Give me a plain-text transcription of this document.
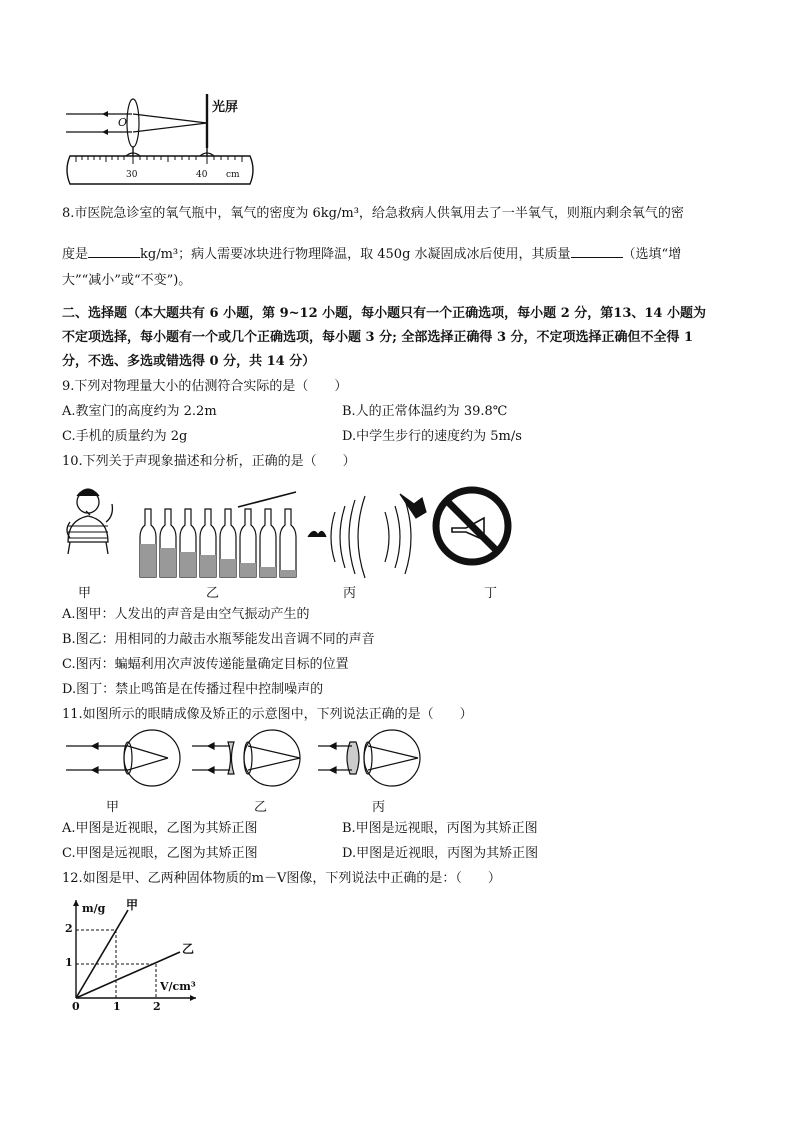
光屏
O
30	40 cm
8.市医院急诊室的氧气瓶中，氧气的密度为 6kg/m³，给急救病人供氧用去了一半氧气，则瓶内剩余氧气的密
度是	kg/m³；病人需要冰块进行物理降温，取 450g 水凝固成冰后使用，其质量	（选填“增
大”“减小”或“不变”)。
二、选择题（本大题共有 6 小题，第 9~12 小题，每小题只有一个正确选项，每小题 2 分，第13、14 小题为
不定项选择，每小题有一个或几个正确选项，每小题 3 分; 全部选择正确得 3 分，不定项选择正确但不全得 1
分，不选、多选或错选得 0 分，共 14 分）
9.下列对物理量大小的估测符合实际的是（　　）
A.教室门的高度约为 2.2m	B.人的正常体温约为 39.8℃
C.手机的质量约为 2g	D.中学生步行的速度约为 5m/s
10.下列关于声现象描述和分析，正确的是（　　）
甲	乙	丙	丁
A.图甲：人发出的声音是由空气振动产生的
B.图乙：用相同的力敲击水瓶琴能发出音调不同的声音
C.图丙：蝙蝠利用次声波传递能量确定目标的位置
D.图丁：禁止鸣笛是在传播过程中控制噪声的
11.如图所示的眼睛成像及矫正的示意图中，下列说法正确的是（　　）
甲	乙	丙
A.甲图是近视眼，乙图为其矫正图	B.甲图是远视眼，丙图为其矫正图
C.甲图是远视眼，乙图为其矫正图	D.甲图是近视眼，丙图为其矫正图
12.如图是甲、乙两种固体物质的m－V图像，下列说法中正确的是：（　　）
m/g
V/cm³
0	1	2
1
2
甲
乙
